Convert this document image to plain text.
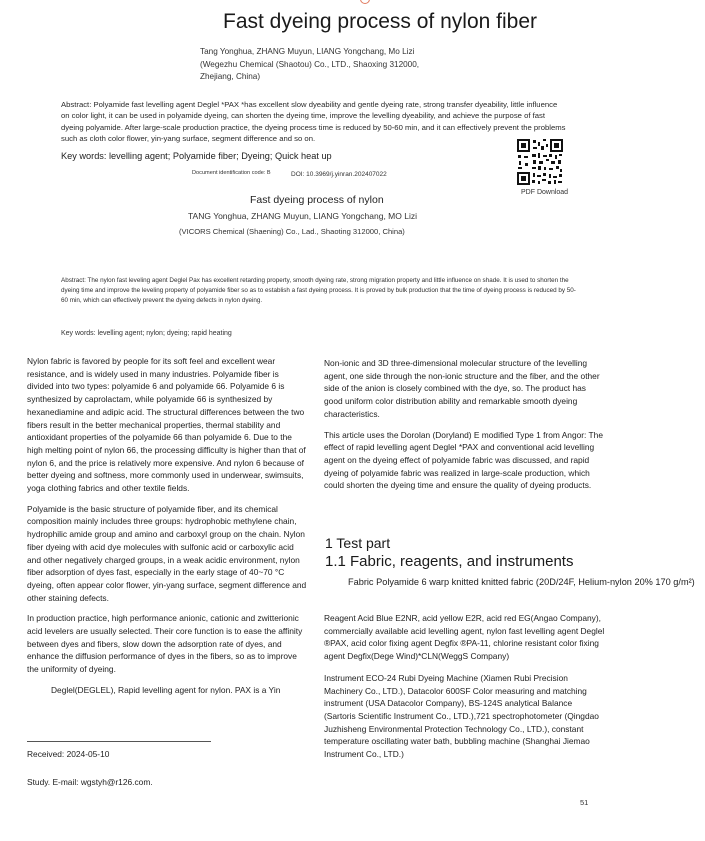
Fast dyeing process of nylon fiber
Tang Yonghua, ZHANG Muyun, LIANG Yongchang, Mo Lizi
(Wegezhu Chemical (Shaotou) Co., LTD., Shaoxing 312000,
Zhejiang, China)
Abstract: Polyamide fast levelling agent Deglel *PAX *has excellent slow dyeability and gentle dyeing rate, strong transfer dyeability, little influence on color light, it can be used in polyamide dyeing, can shorten the dyeing time, improve the levelling dyeability, and achieve the purpose of fast dyeing polyamide. After large-scale production practice, the dyeing process time is reduced by 50-60 min, and it can effectively prevent the problems such as cloth color flower, yin-yang surface, segment difference and so on.
Key words: levelling agent; Polyamide fiber; Dyeing; Quick heat up
PDF Download
Document identification code: B	DOI: 10.3969/j.yinran.202407022
Fast dyeing process of nylon
TANG Yonghua, ZHANG Muyun, LIANG Yongchang, MO Lizi
(VICORS Chemical (Shaening) Co., Lad., Shaoting 312000, China)
Abstract: The nylon fast leveling agent Deglel Pax has excellent retarding property, smooth dyeing rate, strong migration property and little influence on shade. It is used to shorten the dyeing time and improve the leveling property of polyamide fiber so as to establish a fast dyeing process. It is proved by bulk production that the time of dyeing process is reduced by 50-60 min, which can effectively prevent the dyeing defects in nylon dyeing.
Key words: levelling agent; nylon; dyeing; rapid heating

Nylon fabric is favored by people for its soft feel and excellent wear resistance, and is widely used in many industries. Polyamide fiber is divided into two types: polyamide 6 and polyamide 66. Polyamide 6 is synthesized by caprolactam, while polyamide 66 is synthesized by hexanediamine and adipic acid. The structural differences between the two fibers result in the better mechanical properties, thermal stability and antioxidant properties of the polyamide 66 than polyamide 6. Due to the high melting point of nylon 66, the processing difficulty is higher than that of nylon 6, and the price is relatively more expensive. And nylon 6 because of better dyeing and softness, more commonly used in underwear, swimsuits, yoga clothing fabrics and other textile fields.

Polyamide is the basic structure of polyamide fiber, and its chemical composition mainly includes three groups: hydrophobic methylene chain, hydrophilic amide group and amino and carboxyl group on the chain. Nylon fiber dyeing with acid dye molecules with sulfonic acid or carboxylic acid and other negatively charged groups, in a weak acidic environment, nylon fiber adsorption of dyes fast, especially in the early stage of 40~70 °C dyeing, often appear color flower, yin-yang surface, segment difference and other staining defects.

In production practice, high performance anionic, cationic and zwitterionic acid levelers are usually selected. Their core function is to ease the affinity between dyes and fibers, slow down the adsorption rate of dyes, and enhance the diffusion performance of dyes in the fibers, so as to improve the uniformity of dyeing.

Deglel(DEGLEL), Rapid levelling agent for nylon. PAX is a Yin

Received: 2024-05-10
Study. E-mail: wgstyh@r126.com.

Non-ionic and 3D three-dimensional molecular structure of the levelling agent, one side through the non-ionic structure and the fiber, and the other side of the anion is closely combined with the dye, so. The product has good uniform color distribution ability and remarkable smooth dyeing characteristics.

This article uses the Dorolan (Doryland) E modified Type 1 from Angor: The effect of rapid levelling agent Deglel *PAX and conventional acid levelling agent on the dyeing effect of polyamide fabric was discussed, and rapid dyeing of polyamide fabric was realized in large-scale production, which could shorten the dyeing time and ensure the quality of dyeing products.

1 Test part
1.1 Fabric, reagents, and instruments
Fabric Polyamide 6 warp knitted knitted fabric (20D/24F, Helium-nylon 20% 170 g/m²)

Reagent Acid Blue E2NR, acid yellow E2R, acid red EG(Angao Company), commercially available acid levelling agent, nylon fast levelling agent Deglel ®PAX, acid color fixing agent Degfix ®PA-11, chlorine resistant color fixing agent Degfix(Dege Wind)*CLN(WeggS Company)

Instrument ECO-24 Rubi Dyeing Machine (Xiamen Rubi Precision Machinery Co., LTD.), Datacolor 600SF Color measuring and matching instrument (USA Datacolor Company), BS-124S analytical Balance (Sartoris Scientific Instrument Co., LTD.),721 spectrophotometer (Qingdao Juzhisheng Environmental Protection Technology Co., LTD.), constant temperature oscillating water bath, bubbling machine (Shanghai Jiemao Instrument Co., LTD.)

51
